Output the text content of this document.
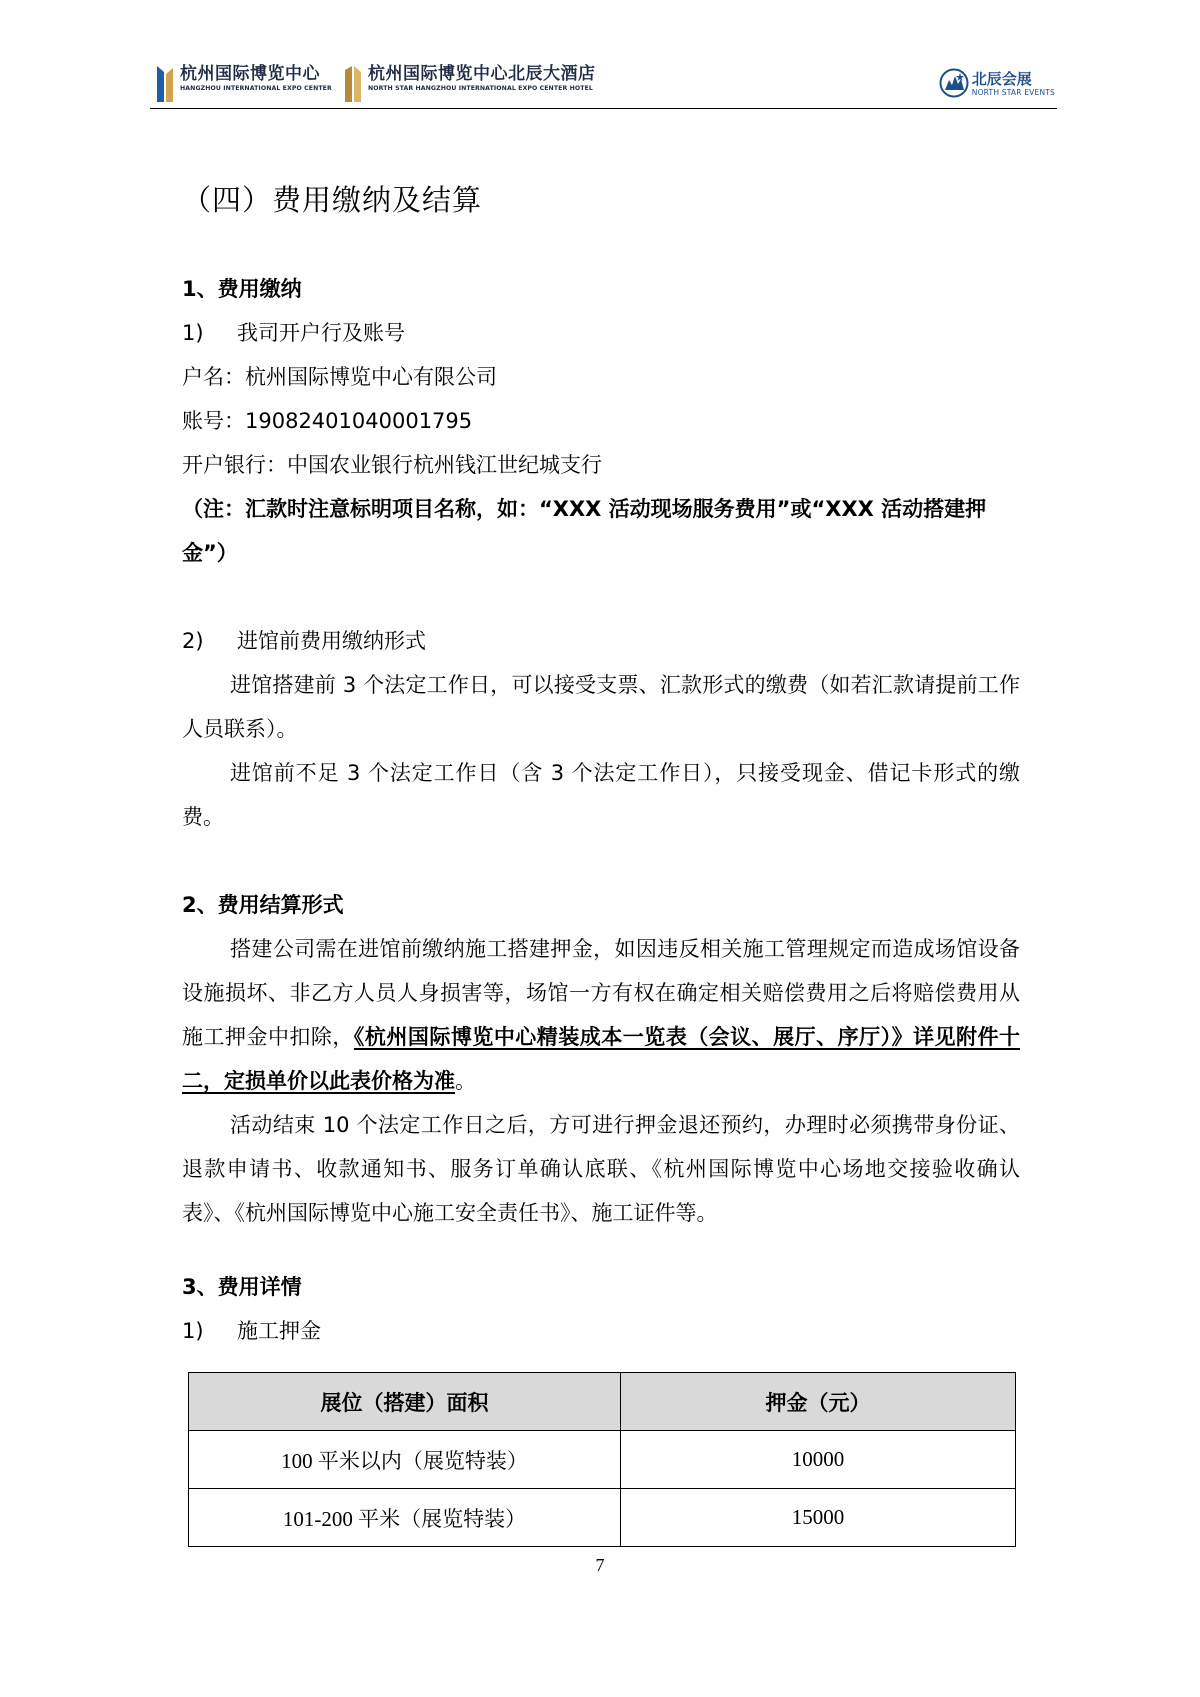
杭州国际博览中心
HANGZHOU INTERNATIONAL EXPO CENTER
杭州国际博览中心北辰大酒店
NORTH STAR HANGZHOU INTERNATIONAL EXPO CENTER HOTEL
北辰会展
NORTH STAR EVENTS
（四）费用缴纳及结算
1、费用缴纳
1) 我司开户行及账号
户名：杭州国际博览中心有限公司
账号：19082401040001795
开户银行：中国农业银行杭州钱江世纪城支行
（注：汇款时注意标明项目名称，如：“XXX 活动现场服务费用”或“XXX 活动搭建押
金”）
2) 进馆前费用缴纳形式
进馆搭建前 3 个法定工作日，可以接受支票、汇款形式的缴费（如若汇款请提前工作人员联系）。
进馆前不足 3 个法定工作日（含 3 个法定工作日），只接受现金、借记卡形式的缴费。
2、费用结算形式
搭建公司需在进馆前缴纳施工搭建押金，如因违反相关施工管理规定而造成场馆设备设施损坏、非乙方人员人身损害等，场馆一方有权在确定相关赔偿费用之后将赔偿费用从施工押金中扣除，《杭州国际博览中心精装成本一览表（会议、展厅、序厅）》详见附件十二，定损单价以此表价格为准。
活动结束 10 个法定工作日之后，方可进行押金退还预约，办理时必须携带身份证、退款申请书、收款通知书、服务订单确认底联、《杭州国际博览中心场地交接验收确认表》、《杭州国际博览中心施工安全责任书》、施工证件等。
3、费用详情
1) 施工押金
展位（搭建）面积	押金（元）
100 平米以内（展览特装）	10000
101-200 平米（展览特装）	15000
7
